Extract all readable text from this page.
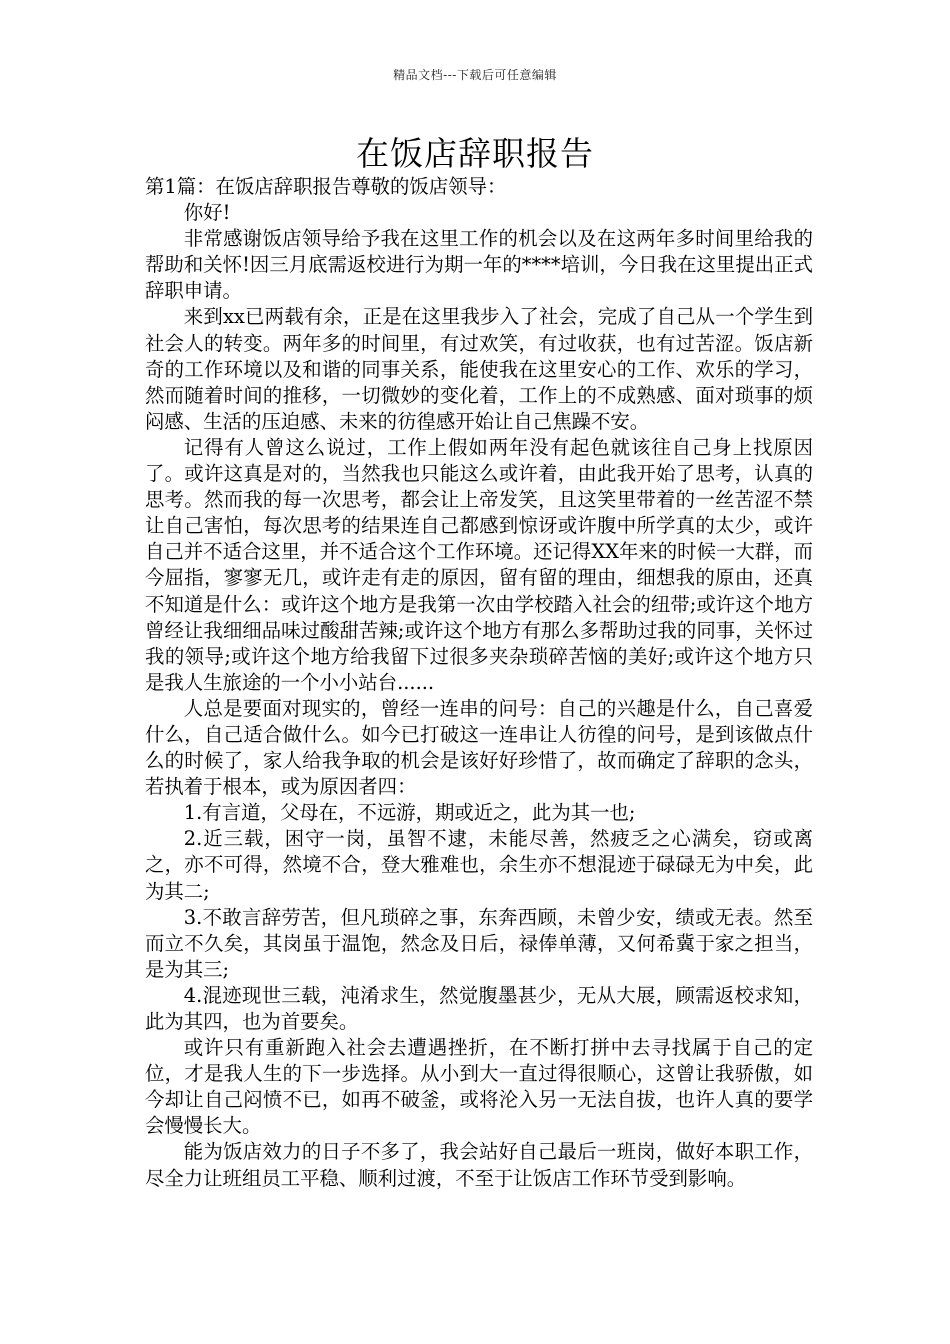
精品文档---下载后可任意编辑
在饭店辞职报告

第1篇：在饭店辞职报告尊敬的饭店领导：

你好!

非常感谢饭店领导给予我在这里工作的机会以及在这两年多时间里给我的帮助和关怀!因三月底需返校进行为期一年的****培训，今日我在这里提出正式辞职申请。

来到xx已两载有余，正是在这里我步入了社会，完成了自己从一个学生到社会人的转变。两年多的时间里，有过欢笑，有过收获，也有过苦涩。饭店新奇的工作环境以及和谐的同事关系，能使我在这里安心的工作、欢乐的学习，然而随着时间的推移，一切微妙的变化着，工作上的不成熟感、面对琐事的烦闷感、生活的压迫感、未来的彷徨感开始让自己焦躁不安。

记得有人曾这么说过，工作上假如两年没有起色就该往自己身上找原因了。或许这真是对的，当然我也只能这么或许着，由此我开始了思考，认真的思考。然而我的每一次思考，都会让上帝发笑，且这笑里带着的一丝苦涩不禁让自己害怕，每次思考的结果连自己都感到惊讶或许腹中所学真的太少，或许自己并不适合这里，并不适合这个工作环境。还记得XX年来的时候一大群，而今屈指，寥寥无几，或许走有走的原因，留有留的理由，细想我的原由，还真不知道是什么：或许这个地方是我第一次由学校踏入社会的纽带;或许这个地方曾经让我细细品味过酸甜苦辣;或许这个地方有那么多帮助过我的同事，关怀过我的领导;或许这个地方给我留下过很多夹杂琐碎苦恼的美好;或许这个地方只是我人生旅途的一个小小站台......

人总是要面对现实的，曾经一连串的问号：自己的兴趣是什么，自己喜爱什么，自己适合做什么。如今已打破这一连串让人彷徨的问号，是到该做点什么的时候了，家人给我争取的机会是该好好珍惜了，故而确定了辞职的念头，若执着于根本，或为原因者四：

1.有言道，父母在，不远游，期或近之，此为其一也;

2.近三载，困守一岗，虽智不逮，未能尽善，然疲乏之心满矣，窃或离之，亦不可得，然境不合，登大雅难也，余生亦不想混迹于碌碌无为中矣，此为其二;

3.不敢言辞劳苦，但凡琐碎之事，东奔西顾，未曾少安，绩或无表。然至而立不久矣，其岗虽于温饱，然念及日后，禄俸单薄，又何希冀于家之担当，是为其三;

4.混迹现世三载，沌淆求生，然觉腹墨甚少，无从大展，顾需返校求知，此为其四，也为首要矣。

或许只有重新跑入社会去遭遇挫折，在不断打拼中去寻找属于自己的定位，才是我人生的下一步选择。从小到大一直过得很顺心，这曾让我骄傲，如今却让自己闷愤不已，如再不破釜，或将沦入另一无法自拔，也许人真的要学会慢慢长大。

能为饭店效力的日子不多了，我会站好自己最后一班岗，做好本职工作，尽全力让班组员工平稳、顺利过渡，不至于让饭店工作环节受到影响。
